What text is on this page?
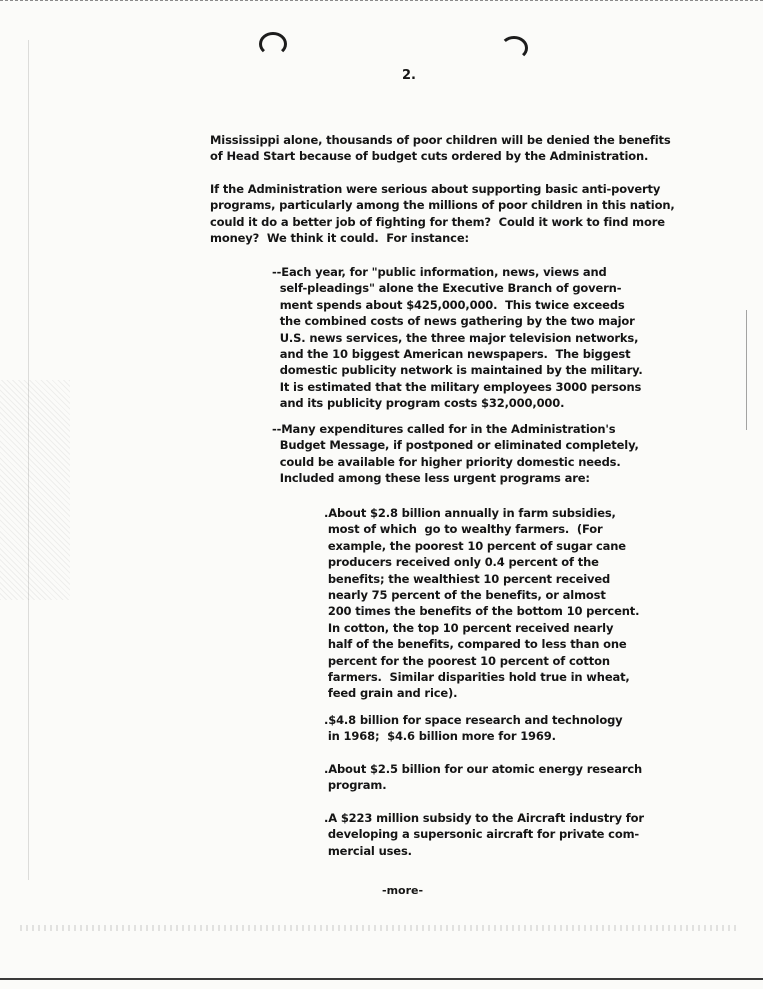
2.
Mississippi alone, thousands of poor children will be denied the benefits
of Head Start because of budget cuts ordered by the Administration.
If the Administration were serious about supporting basic anti-poverty
programs, particularly among the millions of poor children in this nation,
could it do a better job of fighting for them?  Could it work to find more
money?  We think it could.  For instance:
--Each year, for "public information, news, views and
self-pleadings" alone the Executive Branch of govern-
ment spends about $425,000,000.  This twice exceeds
the combined costs of news gathering by the two major
U.S. news services, the three major television networks,
and the 10 biggest American newspapers.  The biggest
domestic publicity network is maintained by the military.
It is estimated that the military employees 3000 persons
and its publicity program costs $32,000,000.
--Many expenditures called for in the Administration's
Budget Message, if postponed or eliminated completely,
could be available for higher priority domestic needs.
Included among these less urgent programs are:
.About $2.8 billion annually in farm subsidies,
most of which  go to wealthy farmers.  (For
example, the poorest 10 percent of sugar cane
producers received only 0.4 percent of the
benefits; the wealthiest 10 percent received
nearly 75 percent of the benefits, or almost
200 times the benefits of the bottom 10 percent.
In cotton, the top 10 percent received nearly
half of the benefits, compared to less than one
percent for the poorest 10 percent of cotton
farmers.  Similar disparities hold true in wheat,
feed grain and rice).
.$4.8 billion for space research and technology
in 1968;  $4.6 billion more for 1969.
.About $2.5 billion for our atomic energy research
program.
.A $223 million subsidy to the Aircraft industry for
developing a supersonic aircraft for private com-
mercial uses.
-more-
